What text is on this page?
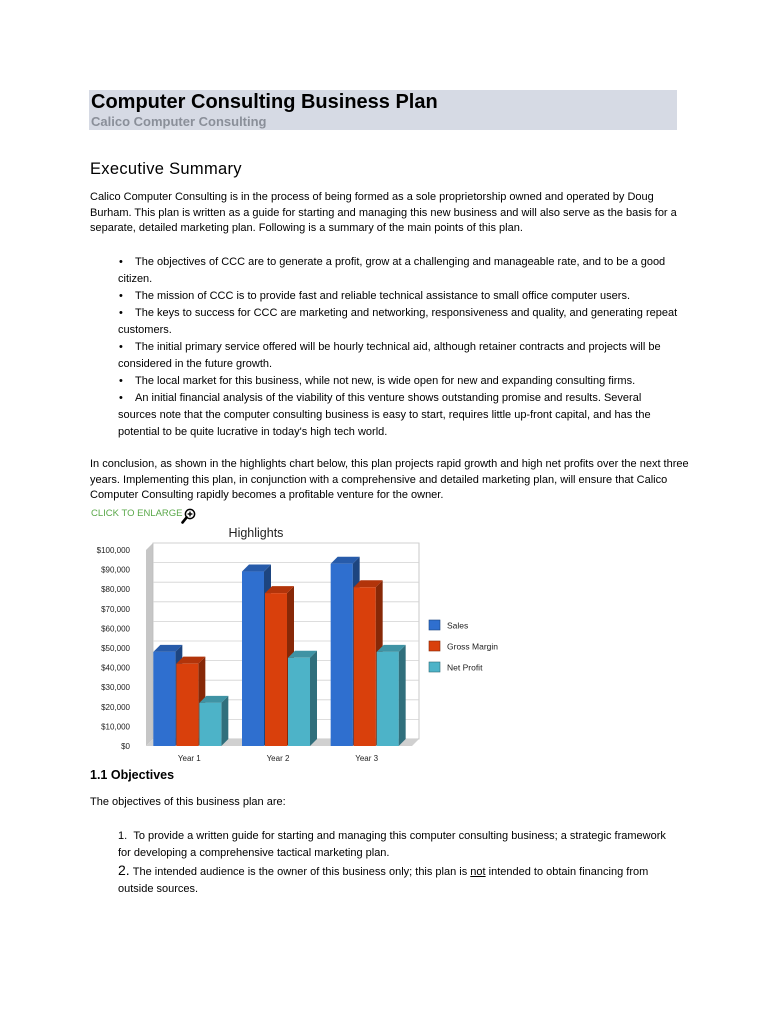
Computer Consulting Business Plan
Calico Computer Consulting
Executive Summary

Calico Computer Consulting is in the process of being formed as a sole proprietorship owned and operated by Doug Burham. This plan is written as a guide for starting and managing this new business and will also serve as the basis for a separate, detailed marketing plan. Following is a summary of the main points of this plan.

• The objectives of CCC are to generate a profit, grow at a challenging and manageable rate, and to be a good citizen.
• The mission of CCC is to provide fast and reliable technical assistance to small office computer users.
• The keys to success for CCC are marketing and networking, responsiveness and quality, and generating repeat customers.
• The initial primary service offered will be hourly technical aid, although retainer contracts and projects will be considered in the future growth.
• The local market for this business, while not new, is wide open for new and expanding consulting firms.
• An initial financial analysis of the viability of this venture shows outstanding promise and results. Several sources note that the computer consulting business is easy to start, requires little up-front capital, and has the potential to be quite lucrative in today's high tech world.

In conclusion, as shown in the highlights chart below, this plan projects rapid growth and high net profits over the next three years. Implementing this plan, in conjunction with a comprehensive and detailed marketing plan, will ensure that Calico Computer Consulting rapidly becomes a profitable venture for the owner.

CLICK TO ENLARGE
Highlights
$0
$10,000
$20,000
$30,000
$40,000
$50,000
$60,000
$70,000
$80,000
$90,000
$100,000
Year 1	Year 2	Year 3
Sales
Gross Margin
Net Profit
1.1 Objectives

The objectives of this business plan are:

1. To provide a written guide for starting and managing this computer consulting business; a strategic framework for developing a comprehensive tactical marketing plan.
2. The intended audience is the owner of this business only; this plan is not intended to obtain financing from outside sources.
